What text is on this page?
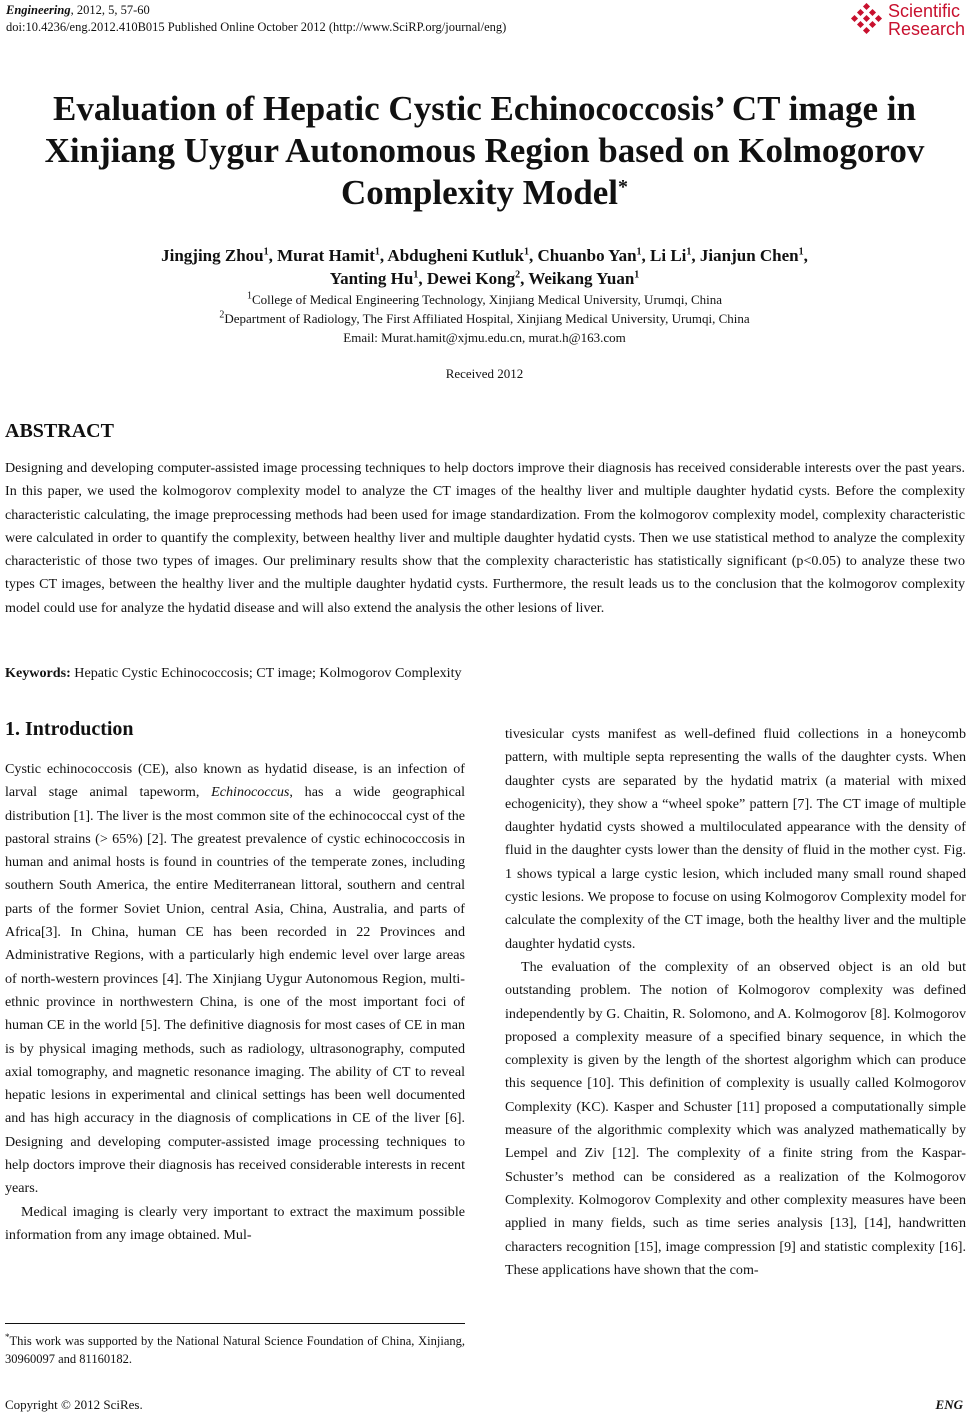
Engineering, 2012, 5, 57-60
doi:10.4236/eng.2012.410B015 Published Online October 2012 (http://www.SciRP.org/journal/eng)
Scientific
Research
Evaluation of Hepatic Cystic Echinococcosis’ CT image in
Xinjiang Uygur Autonomous Region based on Kolmogorov
Complexity Model*
Jingjing Zhou$^1$, Murat Hamit$^1$, Abdugheni Kutluk$^1$, Chuanbo Yan$^1$, Li Li$^1$, Jianjun Chen$^1$,
Yanting Hu$^1$, Dewei Kong$^2$, Weikang Yuan$^1$
$^1$College of Medical Engineering Technology, Xinjiang Medical University, Urumqi, China
$^2$Department of Radiology, The First Affiliated Hospital, Xinjiang Medical University, Urumqi, China
Email: Murat.hamit@xjmu.edu.cn, murat.h@163.com
Received 2012
ABSTRACT
Designing and developing computer-assisted image processing techniques to help doctors improve their diagnosis has received considerable interests over the past years. In this paper, we used the kolmogorov complexity model to analyze the CT images of the healthy liver and multiple daughter hydatid cysts. Before the complexity characteristic calculating, the image preprocessing methods had been used for image standardization. From the kolmogorov complexity model, complexity characteristic were calculated in order to quantify the complexity, between healthy liver and multiple daughter hydatid cysts. Then we use statistical method to analyze the complexity characteristic of those two types of images. Our preliminary results show that the complexity characteristic has statistically significant (p<0.05) to analyze these two types CT images, between the healthy liver and the multiple daughter hydatid cysts. Furthermore, the result leads us to the conclusion that the kolmogorov complexity model could use for analyze the hydatid disease and will also extend the analysis the other lesions of liver.
Keywords: Hepatic Cystic Echinococcosis; CT image; Kolmogorov Complexity
1. Introduction

Cystic echinococcosis (CE), also known as hydatid disease, is an infection of larval stage animal tapeworm, Echinococcus, has a wide geographical distribution [1]. The liver is the most common site of the echinococcal cyst of the pastoral strains (> 65%) [2]. The greatest prevalence of cystic echinococcosis in human and animal hosts is found in countries of the temperate zones, including southern South America, the entire Mediterranean littoral, southern and central parts of the former Soviet Union, central Asia, China, Australia, and parts of Africa[3]. In China, human CE has been recorded in 22 Provinces and Administrative Regions, with a particularly high endemic level over large areas of north-western provinces [4]. The Xinjiang Uygur Autonomous Region, multi-ethnic province in northwestern China, is one of the most important foci of human CE in the world [5]. The definitive diagnosis for most cases of CE in man is by physical imaging methods, such as radiology, ultrasonography, computed axial tomography, and magnetic resonance imaging. The ability of CT to reveal hepatic lesions in experimental and clinical settings has been well documented and has high accuracy in the diagnosis of complications in CE of the liver [6]. Designing and developing computer-assisted image processing techniques to help doctors improve their diagnosis has received considerable interests in recent years.

Medical imaging is clearly very important to extract the maximum possible information from any image obtained. Mul-

tivesicular cysts manifest as well-defined fluid collections in a honeycomb pattern, with multiple septa representing the walls of the daughter cysts. When daughter cysts are separated by the hydatid matrix (a material with mixed echogenicity), they show a “wheel spoke” pattern [7]. The CT image of multiple daughter hydatid cysts showed a multiloculated appearance with the density of fluid in the daughter cysts lower than the density of fluid in the mother cyst. Fig. 1 shows typical a large cystic lesion, which included many small round shaped cystic lesions. We propose to focuse on using Kolmogorov Complexity model for calculate the complexity of the CT image, both the healthy liver and the multiple daughter hydatid cysts.

The evaluation of the complexity of an observed object is an old but outstanding problem. The notion of Kolmogorov complexity was defined independently by G. Chaitin, R. Solomono, and A. Kolmogorov [8]. Kolmogorov proposed a complexity measure of a specified binary sequence, in which the complexity is given by the length of the shortest algorighm which can produce this sequence [10]. This definition of complexity is usually called Kolmogorov Complexity (KC). Kasper and Schuster [11] proposed a computationally simple measure of the algorithmic complexity which was analyzed mathematically by Lempel and Ziv [12]. The complexity of a finite string from the Kaspar-Schuster’s method can be considered as a realization of the Kolmogorov Complexity. Kolmogorov Complexity and other complexity measures have been applied in many fields, such as time series analysis [13], [14], handwritten characters recognition [15], image compression [9] and statistic complexity [16]. These applications have shown that the com-

*This work was supported by the National Natural Science Foundation of China, Xinjiang, 30960097 and 81160182.
Copyright © 2012 SciRes.	ENG
